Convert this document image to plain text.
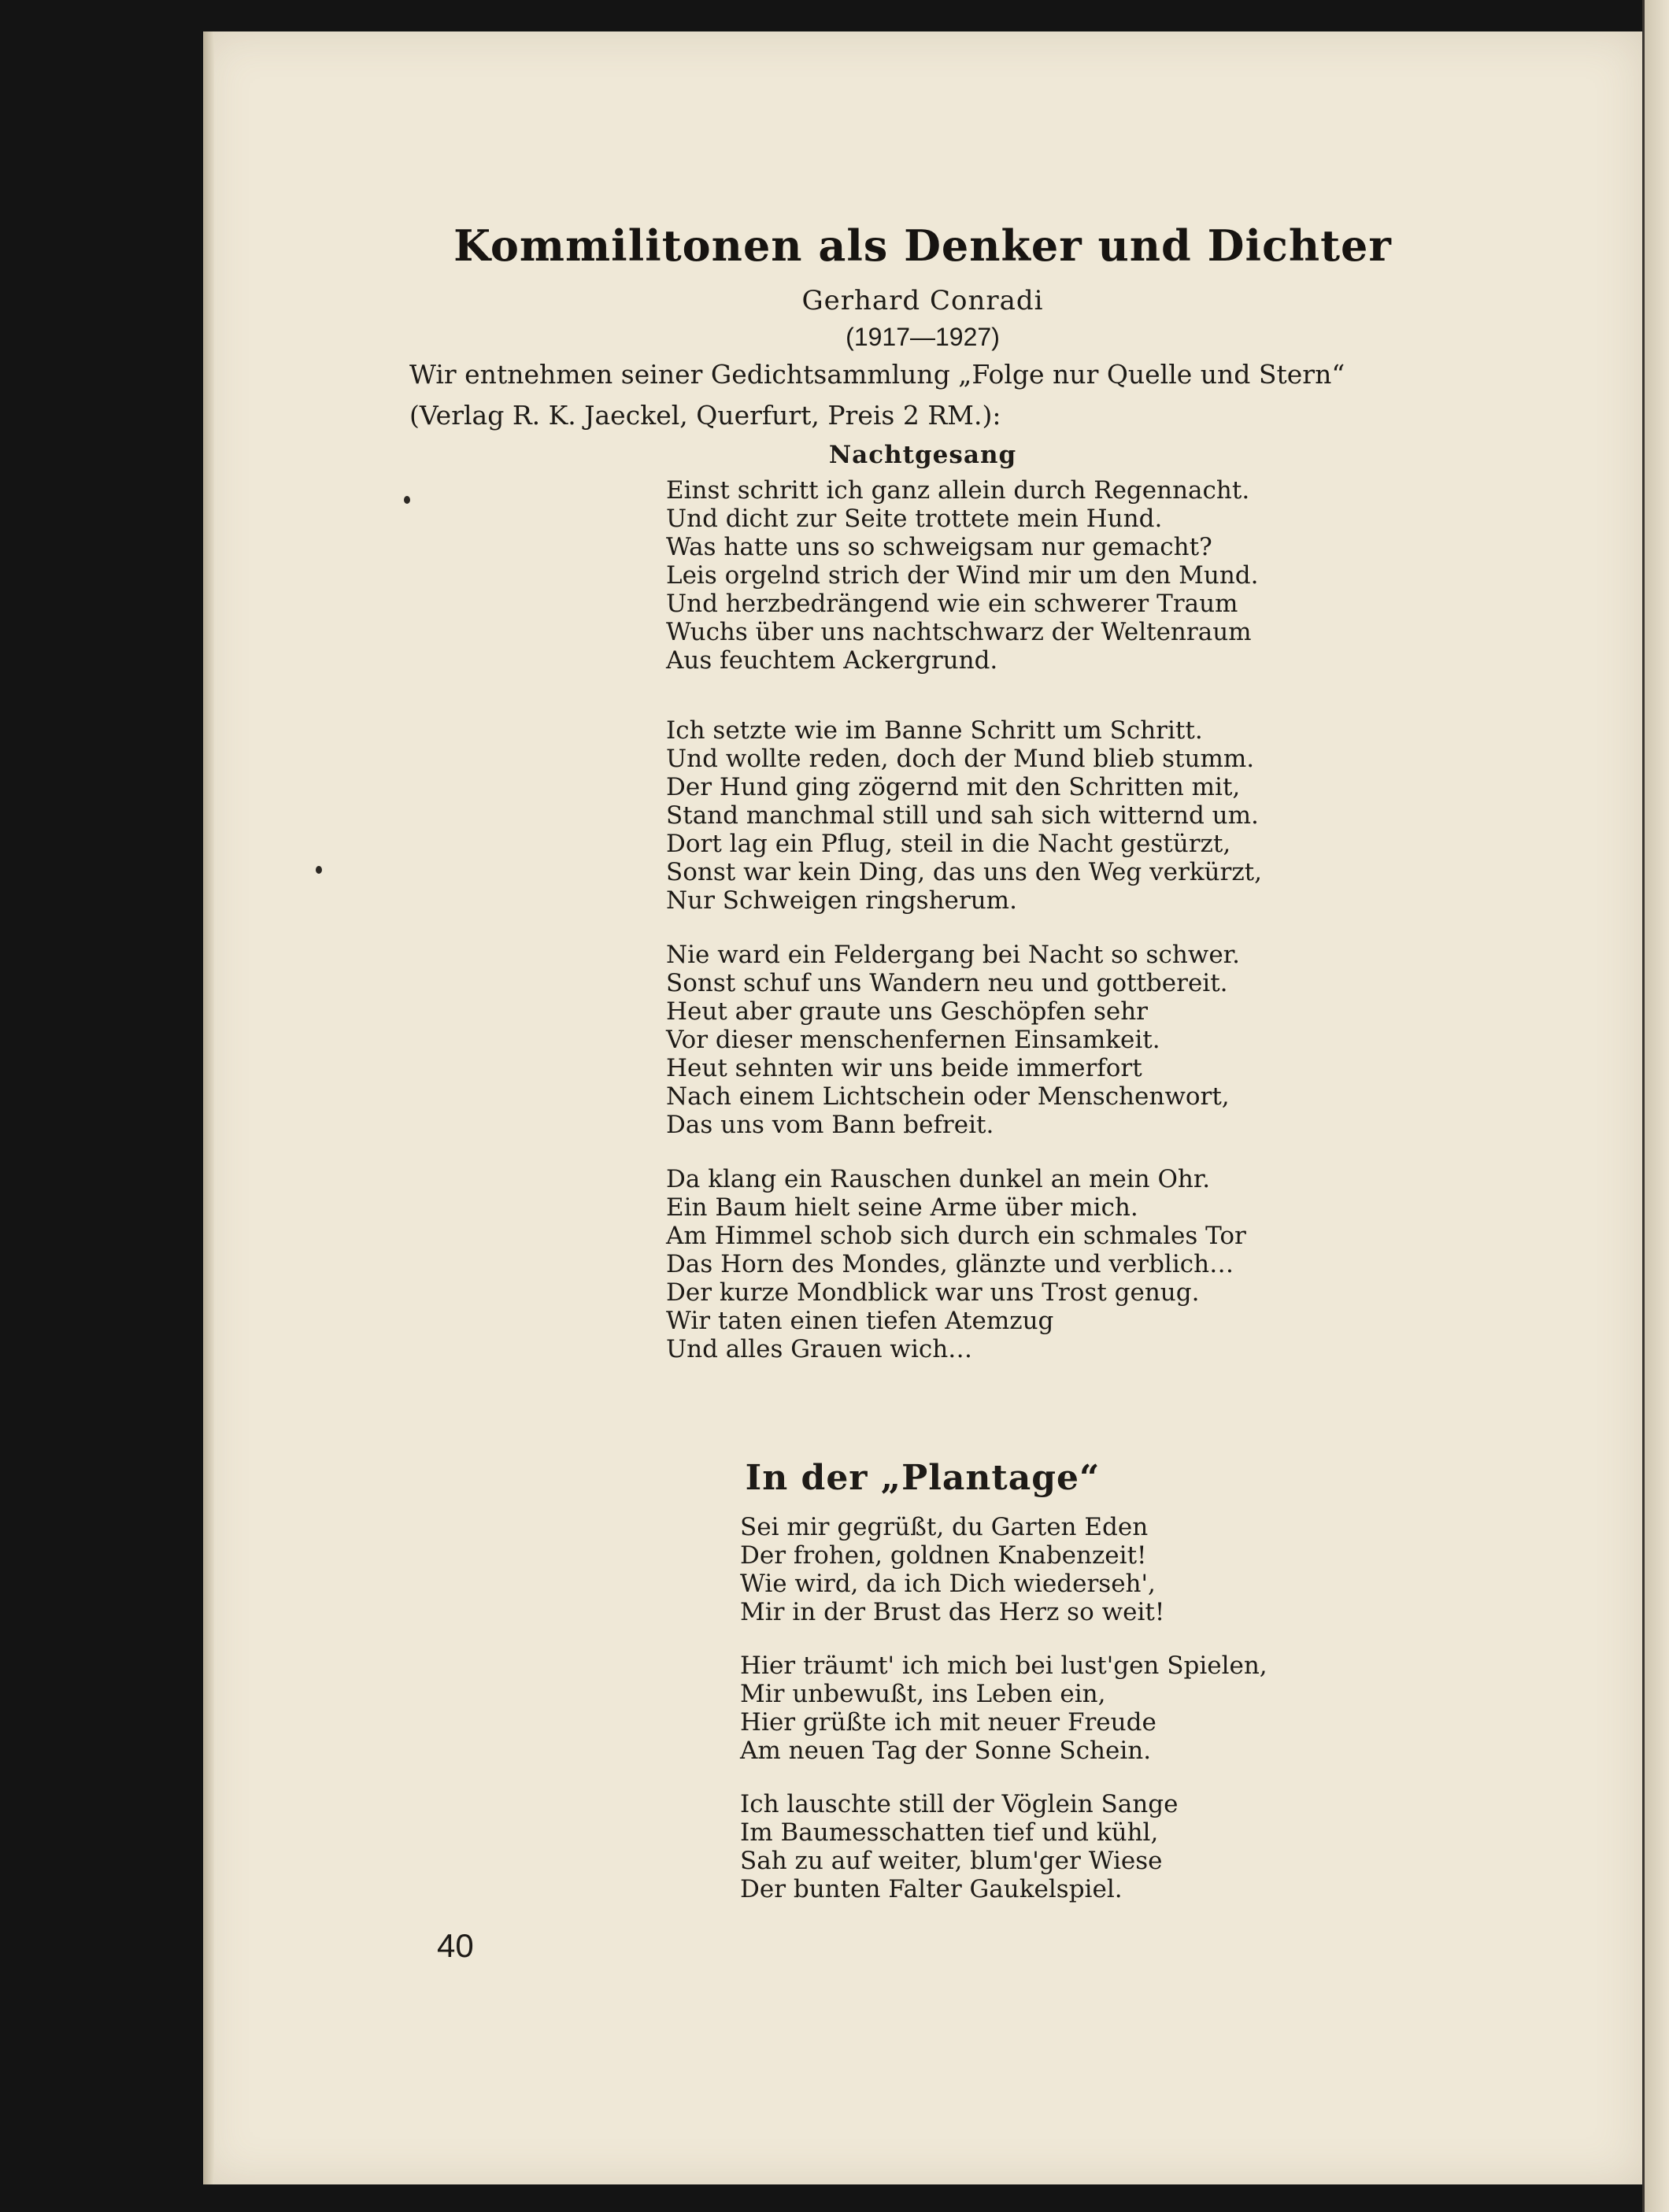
Kommilitonen als Denker und Dichter
Gerhard Conradi
(1917—1927)
Wir entnehmen seiner Gedichtsammlung „Folge nur Quelle und Stern“
(Verlag R. K. Jaeckel, Querfurt, Preis 2 RM.):
Nachtgesang
Einst schritt ich ganz allein durch Regennacht.
Und dicht zur Seite trottete mein Hund.
Was hatte uns so schweigsam nur gemacht?
Leis orgelnd strich der Wind mir um den Mund.
Und herzbedrängend wie ein schwerer Traum
Wuchs über uns nachtschwarz der Weltenraum
Aus feuchtem Ackergrund.
Ich setzte wie im Banne Schritt um Schritt.
Und wollte reden, doch der Mund blieb stumm.
Der Hund ging zögernd mit den Schritten mit,
Stand manchmal still und sah sich witternd um.
Dort lag ein Pflug, steil in die Nacht gestürzt,
Sonst war kein Ding, das uns den Weg verkürzt,
Nur Schweigen ringsherum.
Nie ward ein Feldergang bei Nacht so schwer.
Sonst schuf uns Wandern neu und gottbereit.
Heut aber graute uns Geschöpfen sehr
Vor dieser menschenfernen Einsamkeit.
Heut sehnten wir uns beide immerfort
Nach einem Lichtschein oder Menschenwort,
Das uns vom Bann befreit.
Da klang ein Rauschen dunkel an mein Ohr.
Ein Baum hielt seine Arme über mich.
Am Himmel schob sich durch ein schmales Tor
Das Horn des Mondes, glänzte und verblich…
Der kurze Mondblick war uns Trost genug.
Wir taten einen tiefen Atemzug
Und alles Grauen wich…
In der „Plantage“
Sei mir gegrüßt, du Garten Eden
Der frohen, goldnen Knabenzeit!
Wie wird, da ich Dich wiederseh',
Mir in der Brust das Herz so weit!
Hier träumt' ich mich bei lust'gen Spielen,
Mir unbewußt, ins Leben ein,
Hier grüßte ich mit neuer Freude
Am neuen Tag der Sonne Schein.
Ich lauschte still der Vöglein Sange
Im Baumesschatten tief und kühl,
Sah zu auf weiter, blum'ger Wiese
Der bunten Falter Gaukelspiel.
40
